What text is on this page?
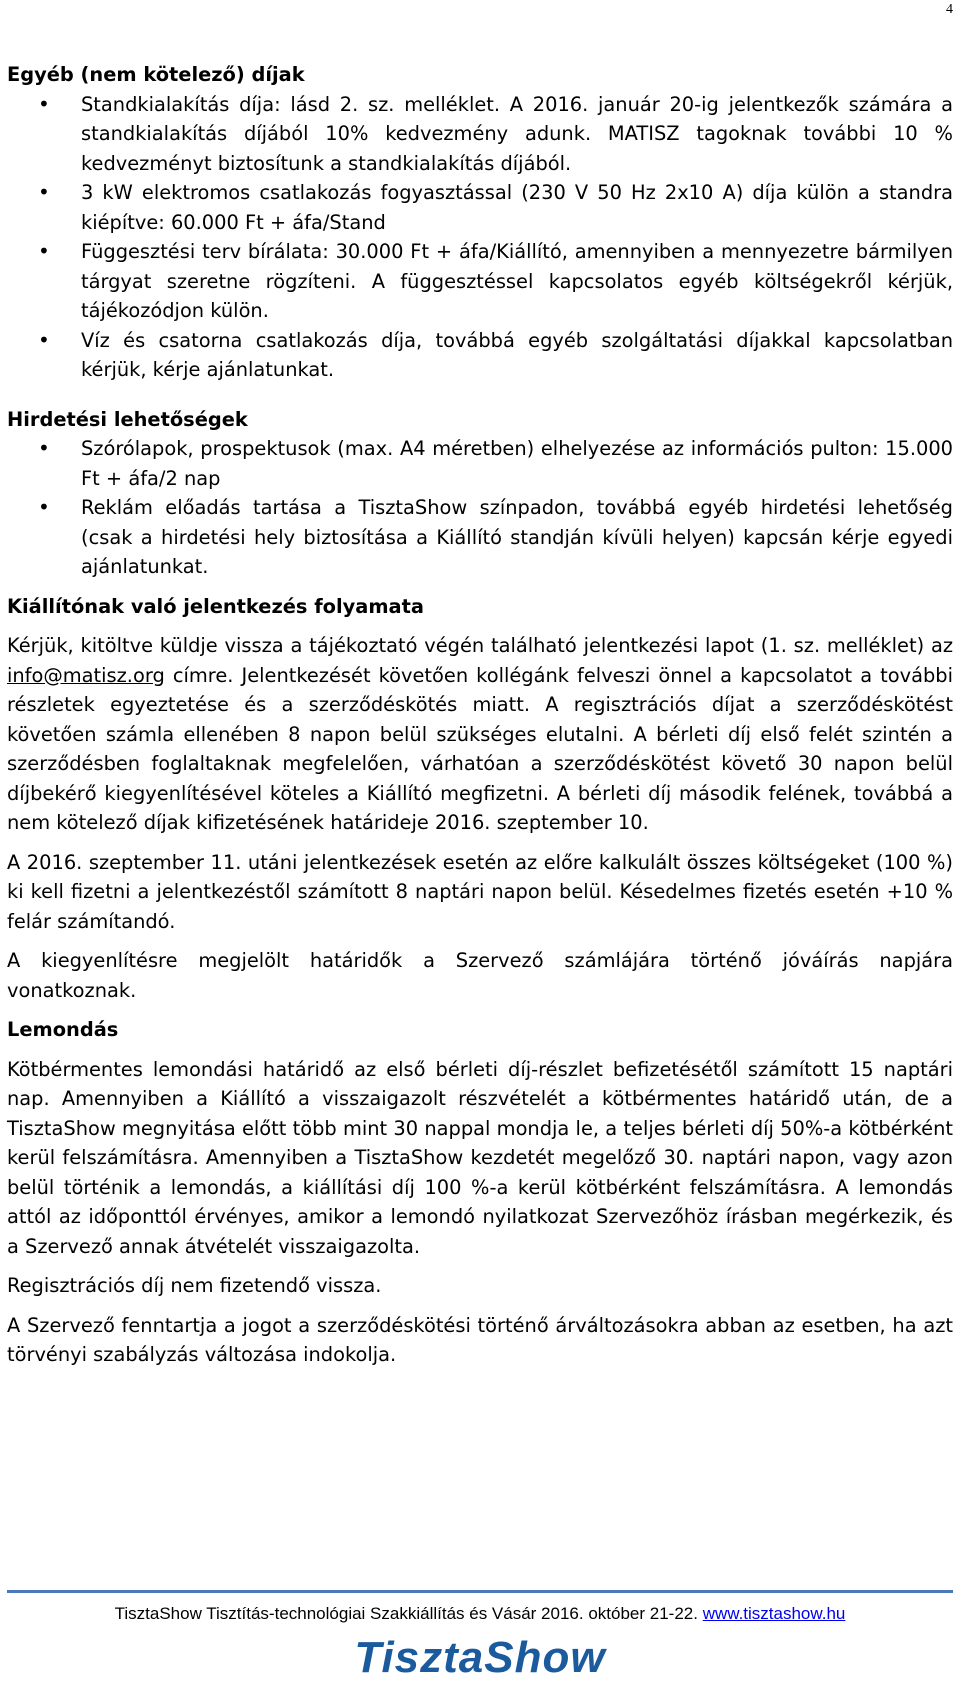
4
Egyéb (nem kötelező) díjak
• Standkialakítás díja: lásd 2. sz. melléklet. A 2016. január 20-ig jelentkezők számára a standkialakítás díjából 10% kedvezmény adunk. MATISZ tagoknak további 10 % kedvezményt biztosítunk a standkialakítás díjából.
• 3 kW elektromos csatlakozás fogyasztással (230 V 50 Hz 2x10 A) díja külön a standra kiépítve: 60.000 Ft + áfa/Stand
• Függesztési terv bírálata: 30.000 Ft + áfa/Kiállító, amennyiben a mennyezetre bármilyen tárgyat szeretne rögzíteni. A függesztéssel kapcsolatos egyéb költségekről kérjük, tájékozódjon külön.
• Víz és csatorna csatlakozás díja, továbbá egyéb szolgáltatási díjakkal kapcsolatban kérjük, kérje ajánlatunkat.
Hirdetési lehetőségek
• Szórólapok, prospektusok (max. A4 méretben) elhelyezése az információs pulton: 15.000 Ft + áfa/2 nap
• Reklám előadás tartása a TisztaShow színpadon, továbbá egyéb hirdetési lehetőség (csak a hirdetési hely biztosítása a Kiállító standján kívüli helyen) kapcsán kérje egyedi ajánlatunkat.
Kiállítónak való jelentkezés folyamata

Kérjük, kitöltve küldje vissza a tájékoztató végén található jelentkezési lapot (1. sz. melléklet) az info@matisz.org címre. Jelentkezését követően kollégánk felveszi önnel a kapcsolatot a további részletek egyeztetése és a szerződéskötés miatt. A regisztrációs díjat a szerződéskötést követően számla ellenében 8 napon belül szükséges elutalni. A bérleti díj első felét szintén a szerződésben foglaltaknak megfelelően, várhatóan a szerződéskötést követő 30 napon belül díjbekérő kiegyenlítésével köteles a Kiállító megfizetni. A bérleti díj második felének, továbbá a nem kötelező díjak kifizetésének határideje 2016. szeptember 10.

A 2016. szeptember 11. utáni jelentkezések esetén az előre kalkulált összes költségeket (100 %) ki kell fizetni a jelentkezéstől számított 8 naptári napon belül. Késedelmes fizetés esetén +10 % felár számítandó.

A kiegyenlítésre megjelölt határidők a Szervező számlájára történő jóváírás napjára vonatkoznak.

Lemondás

Kötbérmentes lemondási határidő az első bérleti díj-részlet befizetésétől számított 15 naptári nap. Amennyiben a Kiállító a visszaigazolt részvételét a kötbérmentes határidő után, de a TisztaShow megnyitása előtt több mint 30 nappal mondja le, a teljes bérleti díj 50%-a kötbérként kerül felszámításra. Amennyiben a TisztaShow kezdetét megelőző 30. naptári napon, vagy azon belül történik a lemondás, a kiállítási díj 100 %-a kerül kötbérként felszámításra. A lemondás attól az időponttól érvényes, amikor a lemondó nyilatkozat Szervezőhöz írásban megérkezik, és a Szervező annak átvételét visszaigazolta.

Regisztrációs díj nem fizetendő vissza.

A Szervező fenntartja a jogot a szerződéskötési történő árváltozásokra abban az esetben, ha azt törvényi szabályzás változása indokolja.

TisztaShow Tisztítás-technológiai Szakkiállítás és Vásár 2016. október 21-22. www.tisztashow.hu
TisztaShow
